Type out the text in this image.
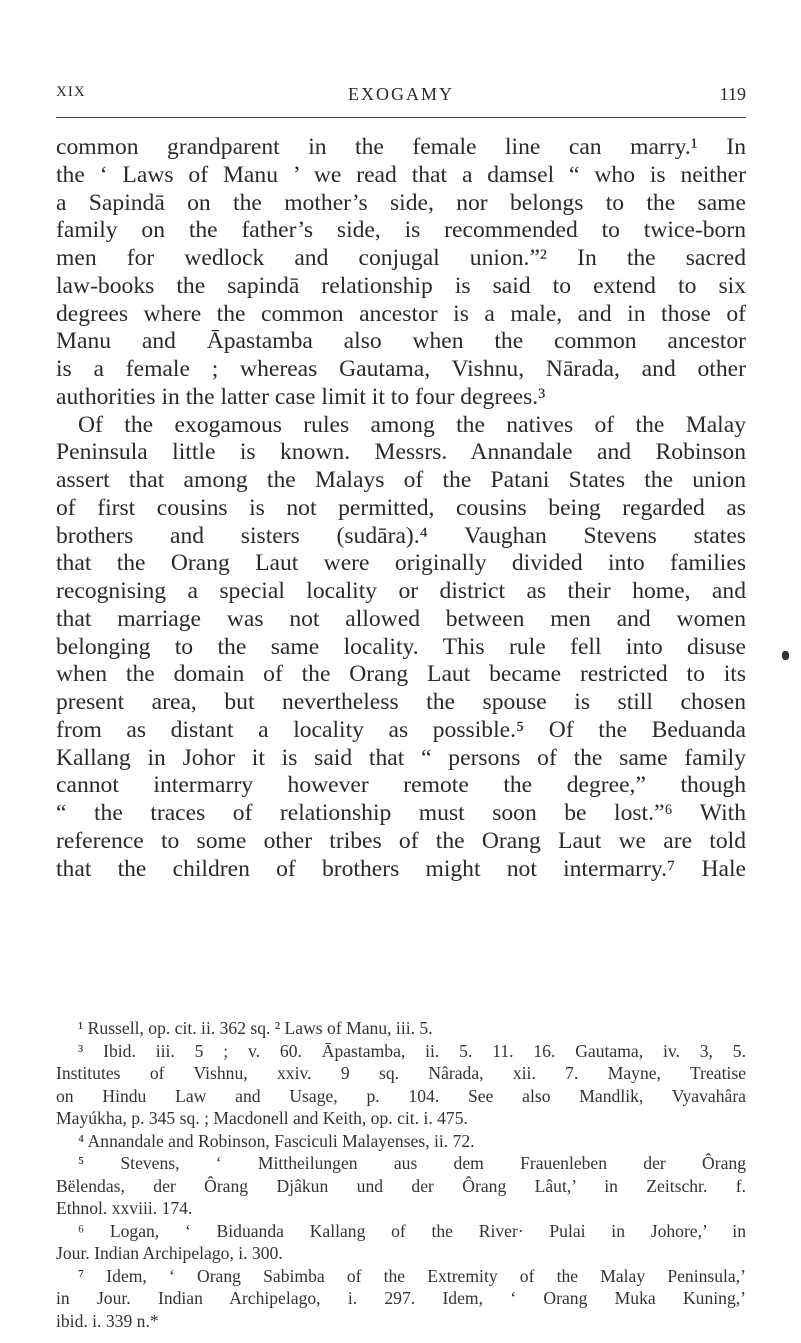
XIX	EXOGAMY	119
common grandparent in the female line can marry.¹ In
the ‘ Laws of Manu ’ we read that a damsel “ who is neither
a Sapindā on the mother’s side, nor belongs to the same
family on the father’s side, is recommended to twice-born
men for wedlock and conjugal union.”² In the sacred
law-books the sapindā relationship is said to extend to six
degrees where the common ancestor is a male, and in those of
Manu and Āpastamba also when the common ancestor
is a female ; whereas Gautama, Vishnu, Nārada, and other
authorities in the latter case limit it to four degrees.³
Of the exogamous rules among the natives of the Malay
Peninsula little is known. Messrs. Annandale and Robinson
assert that among the Malays of the Patani States the union
of first cousins is not permitted, cousins being regarded as
brothers and sisters (sudāra).⁴ Vaughan Stevens states
that the Orang Laut were originally divided into families
recognising a special locality or district as their home, and
that marriage was not allowed between men and women
belonging to the same locality. This rule fell into disuse
when the domain of the Orang Laut became restricted to its
present area, but nevertheless the spouse is still chosen
from as distant a locality as possible.⁵ Of the Beduanda
Kallang in Johor it is said that “ persons of the same family
cannot intermarry however remote the degree,” though
“ the traces of relationship must soon be lost.”⁶ With
reference to some other tribes of the Orang Laut we are told
that the children of brothers might not intermarry.⁷ Hale
¹ Russell, op. cit. ii. 362 sq. ² Laws of Manu, iii. 5.
³ Ibid. iii. 5 ; v. 60. Āpastamba, ii. 5. 11. 16. Gautama, iv. 3, 5.
Institutes of Vishnu, xxiv. 9 sq. Nârada, xii. 7. Mayne, Treatise
on Hindu Law and Usage, p. 104. See also Mandlik, Vyavahâra
Mayúkha, p. 345 sq. ; Macdonell and Keith, op. cit. i. 475.
⁴ Annandale and Robinson, Fasciculi Malayenses, ii. 72.
⁵ Stevens, ‘ Mittheilungen aus dem Frauenleben der Ôrang
Bëlendas, der Ôrang Djâkun und der Ôrang Lâut,’ in Zeitschr. f.
Ethnol. xxviii. 174.
⁶ Logan, ‘ Biduanda Kallang of the River· Pulai in Johore,’ in
Jour. Indian Archipelago, i. 300.
⁷ Idem, ‘ Orang Sabimba of the Extremity of the Malay Peninsula,’
in Jour. Indian Archipelago, i. 297. Idem, ‘ Orang Muka Kuning,’
ibid. i. 339 n.*
